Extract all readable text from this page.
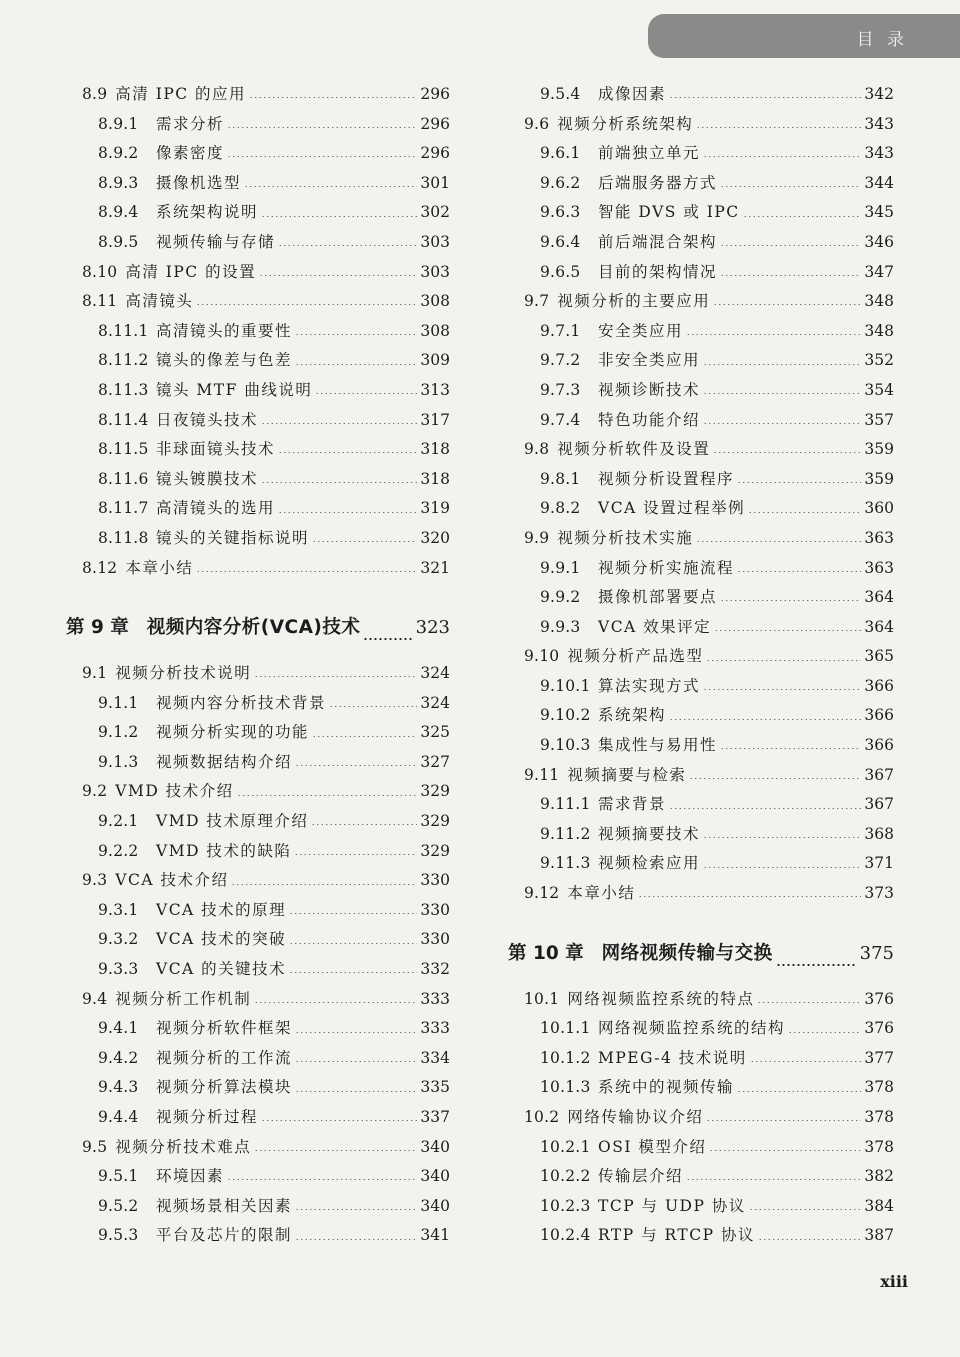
目 录
8.9 高清 IPC 的应用	296
8.9.1	需求分析	296
8.9.2	像素密度	296
8.9.3	摄像机选型	301
8.9.4	系统架构说明	302
8.9.5	视频传输与存储	303
8.10 高清 IPC 的设置	303
8.11 高清镜头	308
8.11.1 高清镜头的重要性	308
8.11.2 镜头的像差与色差	309
8.11.3 镜头 MTF 曲线说明	313
8.11.4 日夜镜头技术	317
8.11.5 非球面镜头技术	318
8.11.6 镜头镀膜技术	318
8.11.7 高清镜头的选用	319
8.11.8 镜头的关键指标说明	320
8.12 本章小结	321
第 9 章 视频内容分析(VCA)技术	323
9.1 视频分析技术说明	324
9.1.1	视频内容分析技术背景	324
9.1.2	视频分析实现的功能	325
9.1.3	视频数据结构介绍	327
9.2 VMD 技术介绍	329
9.2.1	VMD 技术原理介绍	329
9.2.2	VMD 技术的缺陷	329
9.3 VCA 技术介绍	330
9.3.1	VCA 技术的原理	330
9.3.2	VCA 技术的突破	330
9.3.3	VCA 的关键技术	332
9.4 视频分析工作机制	333
9.4.1	视频分析软件框架	333
9.4.2	视频分析的工作流	334
9.4.3	视频分析算法模块	335
9.4.4	视频分析过程	337
9.5 视频分析技术难点	340
9.5.1	环境因素	340
9.5.2	视频场景相关因素	340
9.5.3	平台及芯片的限制	341
9.5.4	成像因素	342
9.6 视频分析系统架构	343
9.6.1	前端独立单元	343
9.6.2	后端服务器方式	344
9.6.3	智能 DVS 或 IPC	345
9.6.4	前后端混合架构	346
9.6.5	目前的架构情况	347
9.7 视频分析的主要应用	348
9.7.1	安全类应用	348
9.7.2	非安全类应用	352
9.7.3	视频诊断技术	354
9.7.4	特色功能介绍	357
9.8 视频分析软件及设置	359
9.8.1	视频分析设置程序	359
9.8.2	VCA 设置过程举例	360
9.9 视频分析技术实施	363
9.9.1	视频分析实施流程	363
9.9.2	摄像机部署要点	364
9.9.3	VCA 效果评定	364
9.10 视频分析产品选型	365
9.10.1 算法实现方式	366
9.10.2 系统架构	366
9.10.3 集成性与易用性	366
9.11 视频摘要与检索	367
9.11.1 需求背景	367
9.11.2 视频摘要技术	368
9.11.3 视频检索应用	371
9.12 本章小结	373
第 10 章 网络视频传输与交换	375
10.1 网络视频监控系统的特点	376
10.1.1 网络视频监控系统的结构	376
10.1.2 MPEG-4 技术说明	377
10.1.3 系统中的视频传输	378
10.2 网络传输协议介绍	378
10.2.1 OSI 模型介绍	378
10.2.2 传输层介绍	382
10.2.3 TCP 与 UDP 协议	384
10.2.4 RTP 与 RTCP 协议	387
xiii
